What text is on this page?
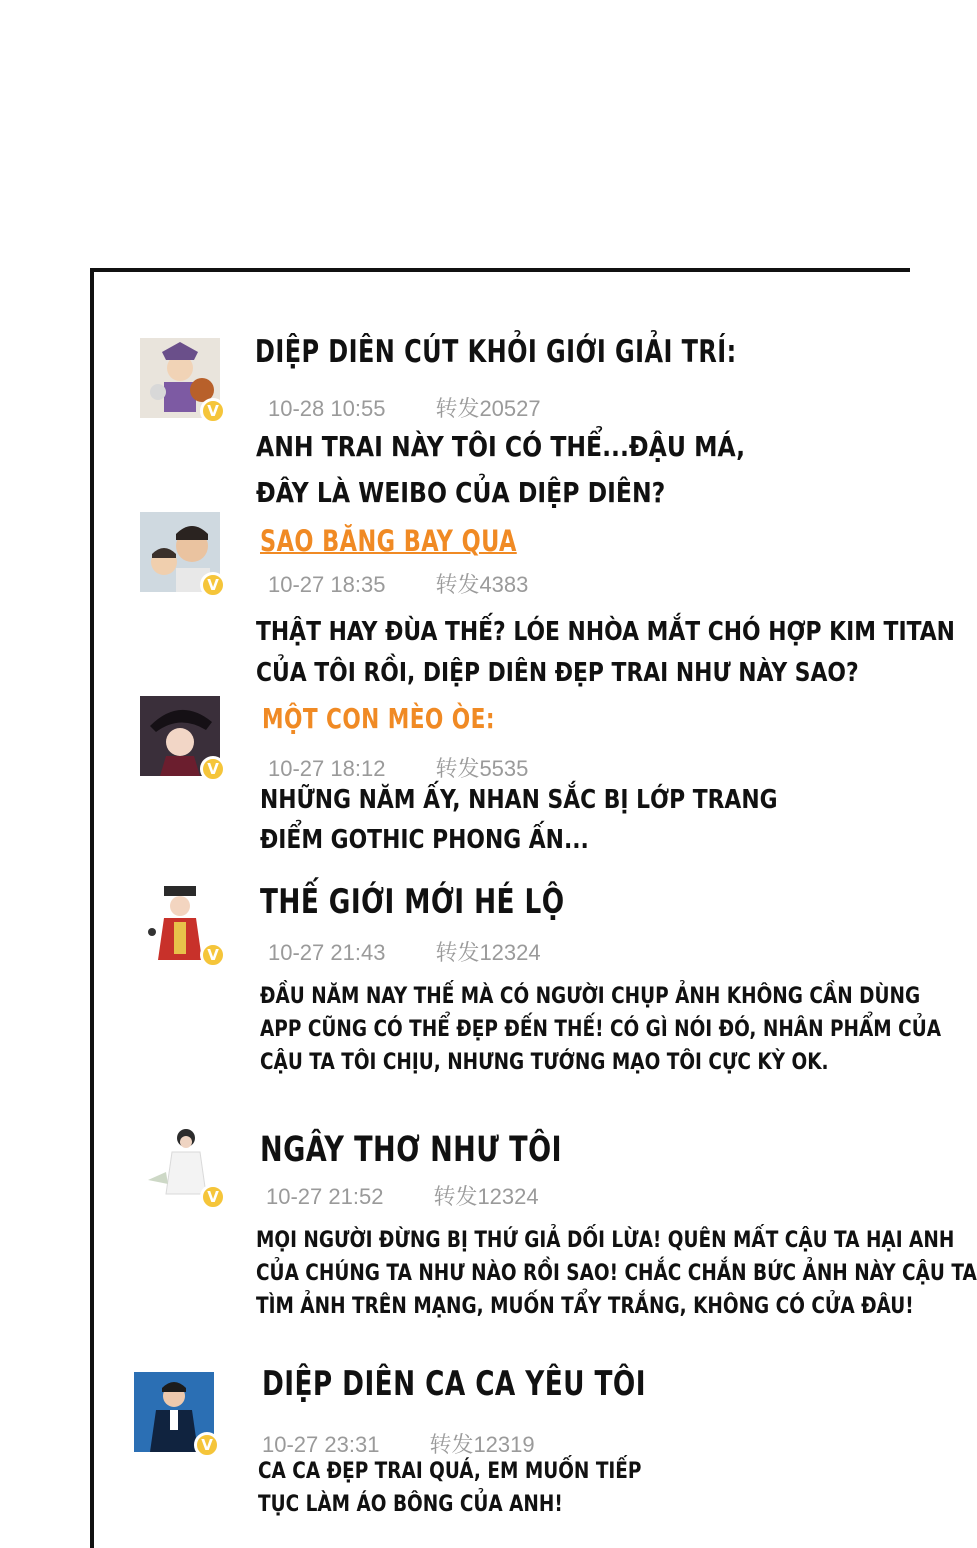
V
DIỆP DIÊN CÚT KHỎI GIỚI GIẢI TRÍ:
10-28 10:55 转发20527
ANH TRAI NÀY TÔI CÓ THỂ...ĐẬU MÁ,
ĐÂY LÀ WEIBO CỦA DIỆP DIÊN?
V
SAO BĂNG BAY QUA
10-27 18:35 转发4383
THẬT HAY ĐÙA THẾ? LÓE NHÒA MẮT CHÓ HỢP KIM TITAN
CỦA TÔI RỒI, DIỆP DIÊN ĐẸP TRAI NHƯ NÀY SAO?
V
MỘT CON MÈO ÒE:
10-27 18:12 转发5535
NHỮNG NĂM ẤY, NHAN SẮC BỊ LỚP TRANG
ĐIỂM GOTHIC PHONG ẤN...
V
THẾ GIỚI MỚI HÉ LỘ
10-27 21:43 转发12324
ĐẦU NĂM NAY THẾ MÀ CÓ NGƯỜI CHỤP ẢNH KHÔNG CẦN DÙNG
APP CŨNG CÓ THỂ ĐẸP ĐẾN THẾ! CÓ GÌ NÓI ĐÓ, NHÂN PHẨM CỦA
CẬU TA TÔI CHỊU, NHƯNG TƯỚNG MẠO TÔI CỰC KỲ OK.
V
NGÂY THƠ NHƯ TÔI
10-27 21:52 转发12324
MỌI NGƯỜI ĐỪNG BỊ THỨ GIẢ DỐI LỪA! QUÊN MẤT CẬU TA HẠI ANH
CỦA CHÚNG TA NHƯ NÀO RỒI SAO! CHẮC CHẮN BỨC ẢNH NÀY CẬU TA
TÌM ẢNH TRÊN MẠNG, MUỐN TẨY TRẮNG, KHÔNG CÓ CỬA ĐÂU!
V
DIỆP DIÊN CA CA YÊU TÔI
10-27 23:31 转发12319
CA CA ĐẸP TRAI QUÁ, EM MUỐN TIẾP
TỤC LÀM ÁO BÔNG CỦA ANH!
